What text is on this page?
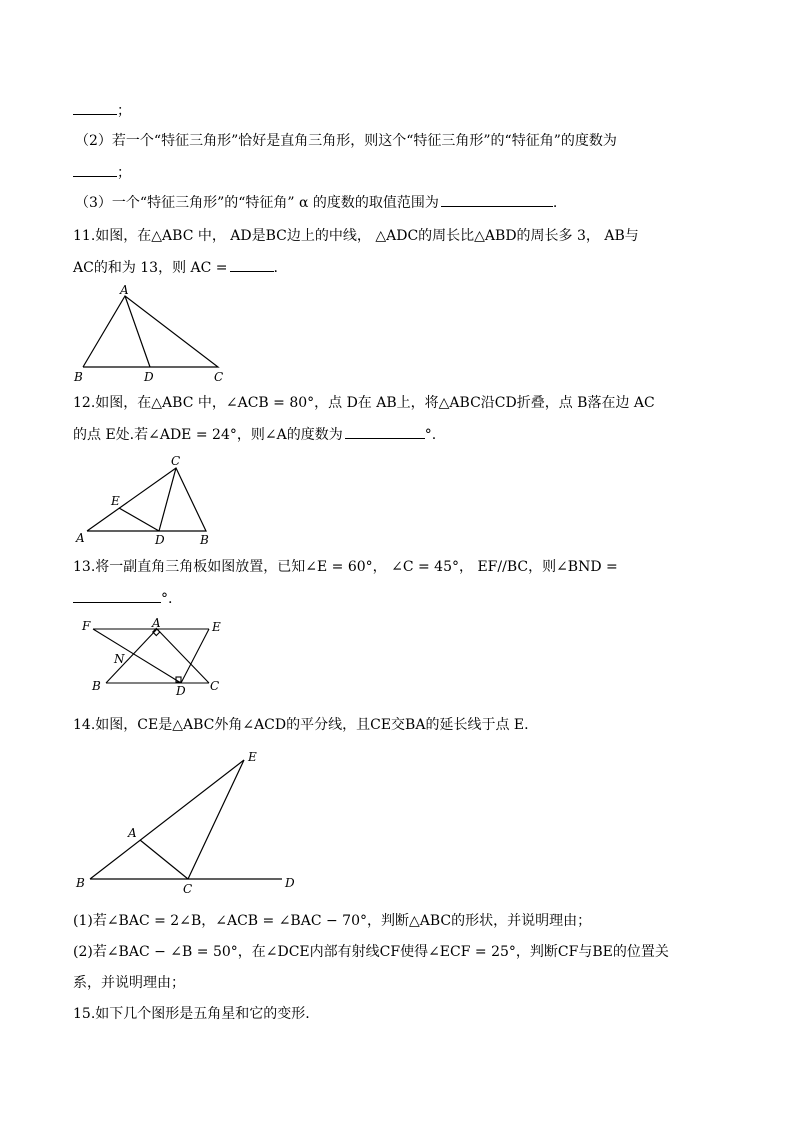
；
（2）若一个“特征三角形”恰好是直角三角形，则这个“特征三角形”的“特征角”的度数为
；
（3）一个“特征三角形”的“特征角” α 的度数的取值范围为	.
11.如图，在△ABC 中， AD是BC边上的中线， △ADC的周长比△ABD的周长多 3， AB与
AC的和为 13，则 AC =	.
A
B	D	C
12.如图，在△ABC 中，∠ACB = 80°，点 D在 AB上，将△ABC沿CD折叠，点 B落在边 AC
的点 E处.若∠ADE = 24°，则∠A的度数为	°.
C
E
A	D	B
13.将一副直角三角板如图放置，已知∠E = 60°， ∠C = 45°， EF//BC，则∠BND =
°.
F	A	E
N
B	D C
14.如图，CE是△ABC外角∠ACD的平分线，且CE交BA的延长线于点 E.
E
A
B	C	D
(1)若∠BAC = 2∠B，∠ACB = ∠BAC − 70°，判断△ABC的形状，并说明理由；
(2)若∠BAC − ∠B = 50°，在∠DCE内部有射线CF使得∠ECF = 25°，判断CF与BE的位置关
系，并说明理由；
15.如下几个图形是五角星和它的变形.
